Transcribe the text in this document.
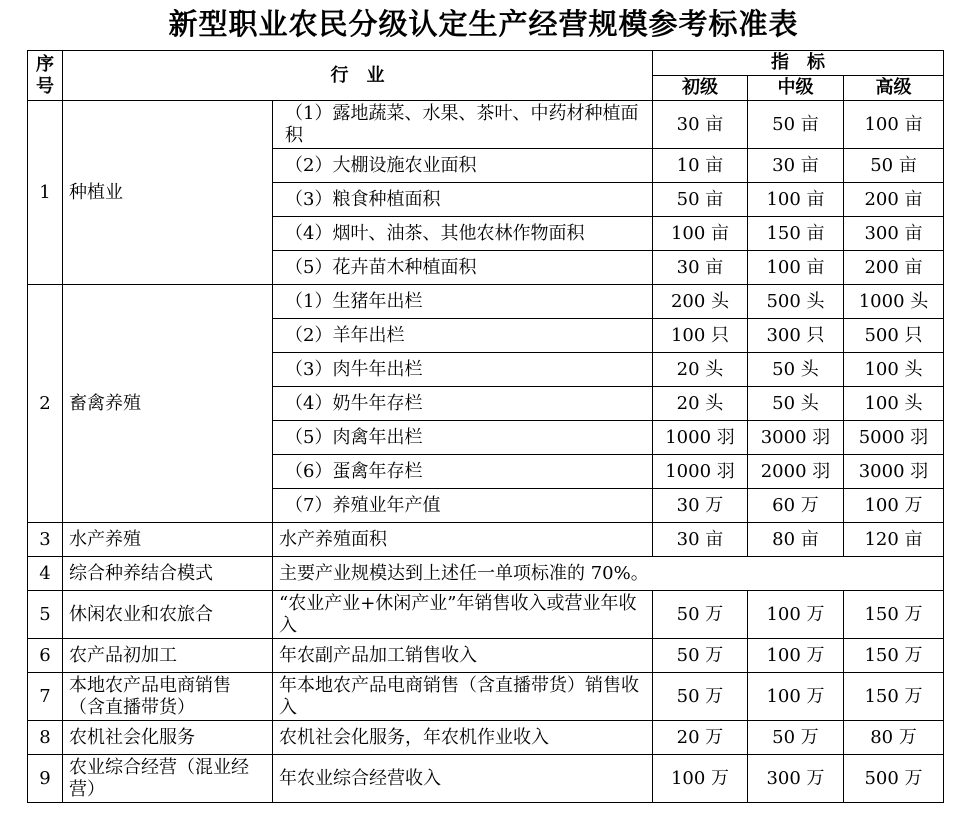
新型职业农民分级认定生产经营规模参考标准表
序号	行　业		指　标		
			初级	中级	高级
1	种植业	（1）露地蔬菜、水果、茶叶、中药材种植面积	30 亩	50 亩	100 亩
		（2）大棚设施农业面积	10 亩	30 亩	50 亩
		（3）粮食种植面积	50 亩	100 亩	200 亩
		（4）烟叶、油茶、其他农林作物面积	100 亩	150 亩	300 亩
		（5）花卉苗木种植面积	30 亩	100 亩	200 亩
2	畜禽养殖	（1）生猪年出栏	200 头	500 头	1000 头
		（2）羊年出栏	100 只	300 只	500 只
		（3）肉牛年出栏	20 头	50 头	100 头
		（4）奶牛年存栏	20 头	50 头	100 头
		（5）肉禽年出栏	1000 羽	3000 羽	5000 羽
		（6）蛋禽年存栏	1000 羽	2000 羽	3000 羽
		（7）养殖业年产值	30 万	60 万	100 万
3	水产养殖	水产养殖面积	30 亩	80 亩	120 亩
4	综合种养结合模式	主要产业规模达到上述任一单项标准的 70%。			
5	休闲农业和农旅合	“农业产业+休闲产业”年销售收入或营业年收入	50 万	100 万	150 万
6	农产品初加工	年农副产品加工销售收入	50 万	100 万	150 万
7	本地农产品电商销售（含直播带货）	年本地农产品电商销售（含直播带货）销售收入	50 万	100 万	150 万
8	农机社会化服务	农机社会化服务，年农机作业收入	20 万	50 万	80 万
9	农业综合经营（混业经营）	年农业综合经营收入	100 万	300 万	500 万
